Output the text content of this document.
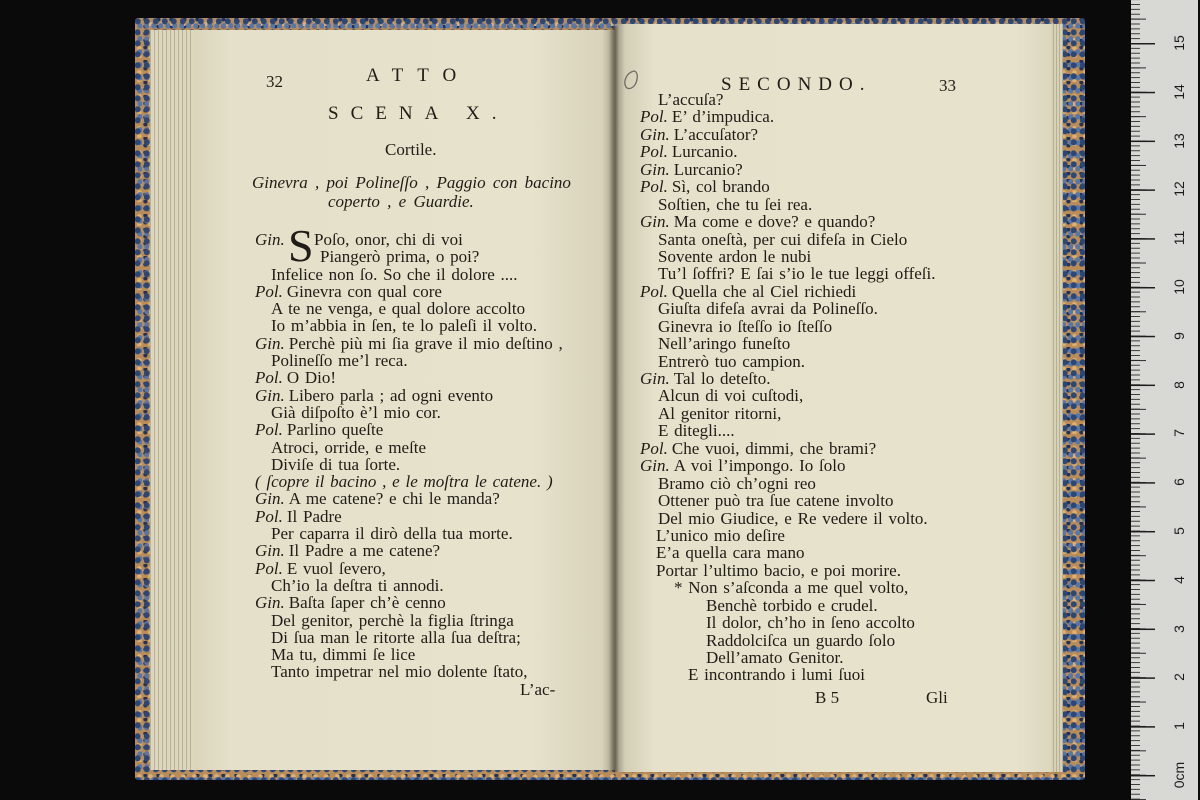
32	ATTO
SCENA X.
Cortile.
Ginevra , poi Polineſſo , Paggio con bacino
coperto , e Guardie.
Gin. S Poſo, onor, chi di voi
Piangerò prima, o poi?
Infelice non ſo. So che il dolore ....
Pol. Ginevra con qual core
A te ne venga, e qual dolore accolto
Io m’abbia in ſen, te lo paleſi il volto.
Gin. Perchè più mi ſia grave il mio deſtino ,
Polineſſo me’l reca.
Pol. O Dio!
Gin. Libero parla ; ad ogni evento
Già diſpoſto è’l mio cor.
Pol. Parlino queſte
Atroci, orride, e meſte
Diviſe di tua ſorte.
( ſcopre il bacino , e le moſtra le catene. )
Gin. A me catene? e chi le manda?
Pol. Il Padre
Per caparra il dirò della tua morte.
Gin. Il Padre a me catene?
Pol. E vuol ſevero,
Ch’io la deſtra ti annodi.
Gin. Baſta ſaper ch’è cenno
Del genitor, perchè la figlia ſtringa
Di ſua man le ritorte alla ſua deſtra;
Ma tu, dimmi ſe lice
Tanto impetrar nel mio dolente ſtato,
L’ac-
SECONDO.	33
L’accuſa?
Pol. E’ d’impudica.
Gin. L’accuſator?
Pol. Lurcanio.
Gin. Lurcanio?
Pol. Sì, col brando
Soſtien, che tu ſei rea.
Gin. Ma come e dove? e quando?
Santa oneſtà, per cui difeſa in Cielo
Sovente ardon le nubi
Tu’l ſoffri? E ſai s’io le tue leggi offeſi.
Pol. Quella che al Ciel richiedi
Giuſta difeſa avrai da Polineſſo.
Ginevra io ſteſſo io ſteſſo
Nell’aringo funeſto
Entrerò tuo campion.
Gin. Tal lo deteſto.
Alcun di voi cuſtodi,
Al genitor ritorni,
E ditegli....
Pol. Che vuoi, dimmi, che brami?
Gin. A voi l’impongo. Io ſolo
Bramo ciò ch’ogni reo
Ottener può tra ſue catene involto
Del mio Giudice, e Re vedere il volto.
L’unico mio deſire
E’a quella cara mano
Portar l’ultimo bacio, e poi morire.
* Non s’aſconda a me quel volto,
Benchè torbido e crudel.
Il dolor, ch’ho in ſeno accolto
Raddolciſca un guardo ſolo
Dell’amato Genitor.
E incontrando i lumi ſuoi
B 5	Gli
0cm
1
2
3
4
5
6
7
8
9
10
11
12
13
14
15
